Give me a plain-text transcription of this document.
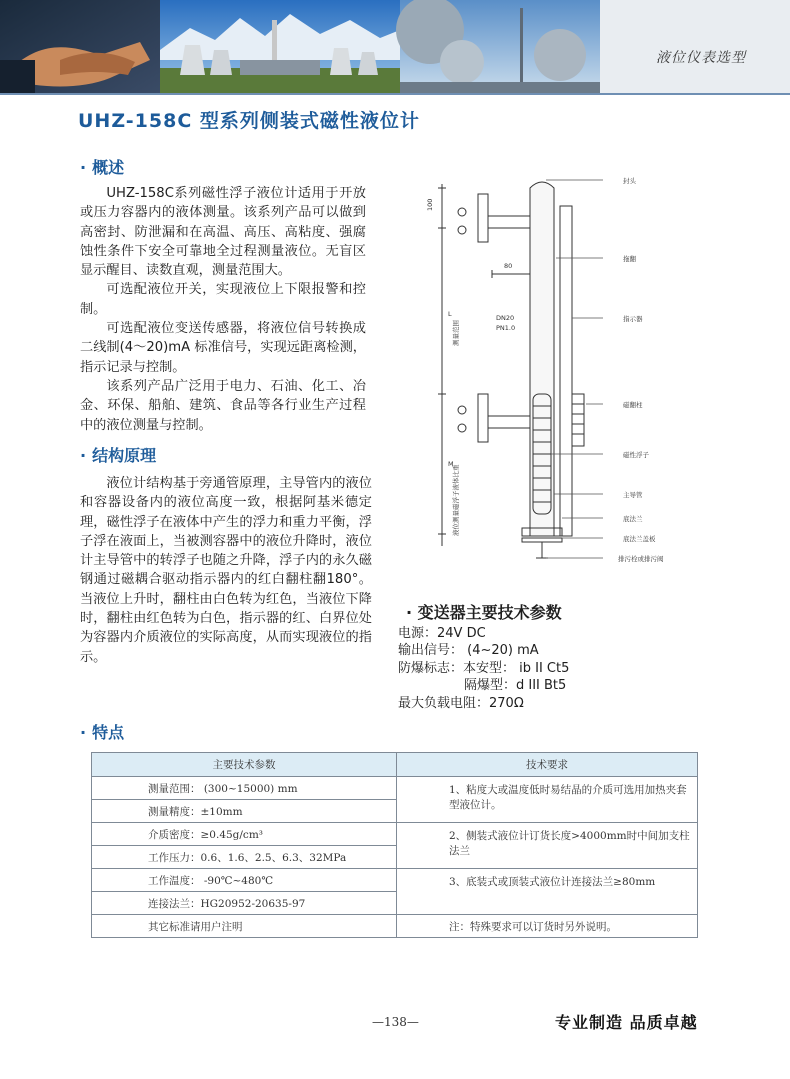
液位仪表选型
UHZ-158C 型系列侧装式磁性液位计
· 概述

UHZ-158C系列磁性浮子液位计适用于开放或压力容器内的液体测量。该系列产品可以做到高密封、防泄漏和在高温、高压、高粘度、强腐蚀性条件下安全可靠地全过程测量液位。无盲区显示醒目、读数直观，测量范围大。

可选配液位开关，实现液位上下限报警和控制。

可选配液位变送传感器，将液位信号转换成二线制(4～20)mA 标准信号，实现远距离检测，指示记录与控制。

该系列产品广泛用于电力、石油、化工、冶金、环保、船舶、建筑、食品等各行业生产过程中的液位测量与控制。

· 结构原理

液位计结构基于旁通管原理，主导管内的液位和容器设备内的液位高度一致，根据阿基米德定理，磁性浮子在液体中产生的浮力和重力平衡，浮子浮在液面上，当被测容器中的液位升降时，液位计主导管中的转浮子也随之升降，浮子内的永久磁钢通过磁耦合驱动指示器内的红白翻柱翻180°。当液位上升时，翻柱由白色转为红色，当液位下降时，翻柱由红色转为白色，指示器的红、白界位处为容器内介质液位的实际高度，从而实现液位的指示。

封头
拖翻
指示器
磁翻柱
磁性浮子
主导管
底法兰
底法兰盖板
排污栓或排污阀
DN20
PN1.0
80
100
L
M
测量范围
液位测量磁浮子液体比重
· 变送器主要技术参数
电源：24V DC
输出信号： (4~20) mA
防爆标志：本安型： ib II Ct5
隔爆型：d III Bt5
最大负载电阻：270Ω
· 特点
主要技术参数	技术要求
测量范围： (300~15000) mm	1、粘度大或温度低时易结晶的介质可选用加热夹套型液位计。
测量精度：±10mm	
介质密度：≥0.45g/cm³	2、侧装式液位计订货长度>4000mm时中间加支柱法兰
工作压力：0.6、1.6、2.5、6.3、32MPa	
工作温度： -90℃~480℃	3、底装式或顶装式液位计连接法兰≥80mm
连接法兰：HG20952-20635-97	
其它标准请用户注明	注：特殊要求可以订货时另外说明。
—138—	专业制造 品质卓越
